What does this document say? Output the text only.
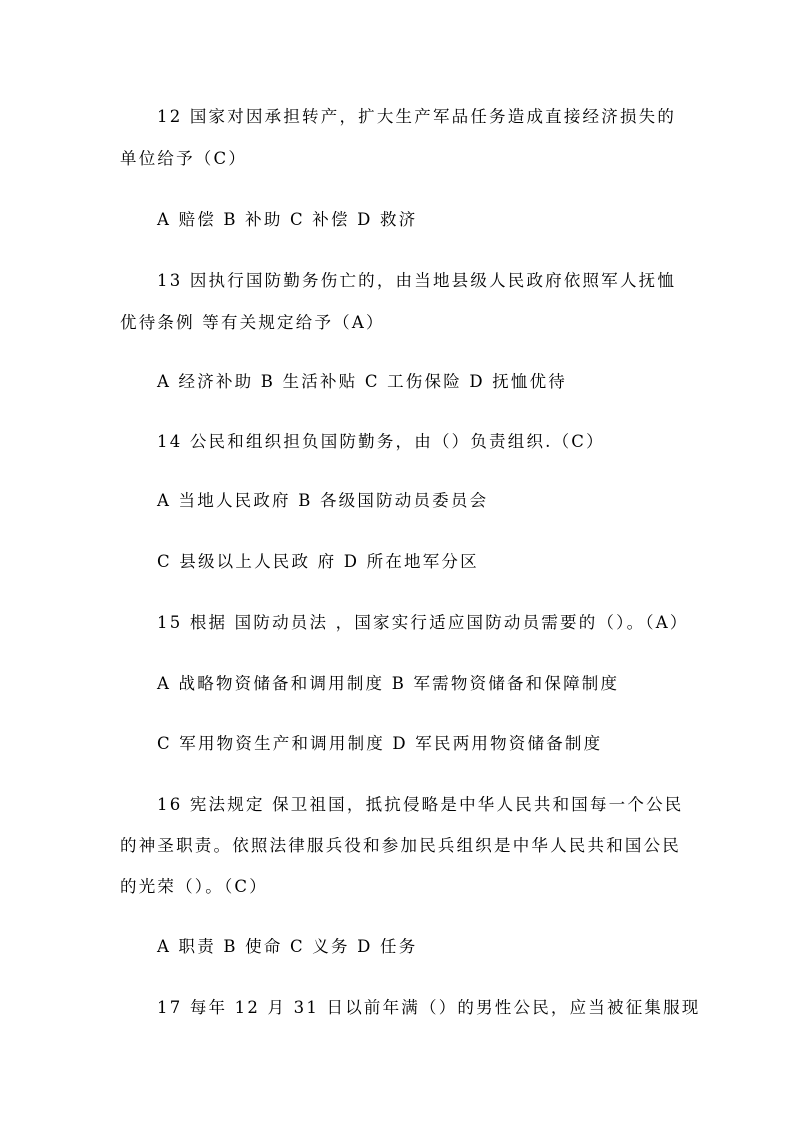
12 国家对因承担转产，扩大生产军品任务造成直接经济损失的
单位给予（C）
A 赔偿 B 补助 C 补偿 D 救济
13 因执行国防勤务伤亡的，由当地县级人民政府依照军人抚恤
优待条例 等有关规定给予（A）
A 经济补助 B 生活补贴 C 工伤保险 D 抚恤优待
14 公民和组织担负国防勤务，由（）负责组织.（C）
A 当地人民政府 B 各级国防动员委员会
C 县级以上人民政 府 D 所在地军分区
15 根据 国防动员法 ，国家实行适应国防动员需要的（）。（A）
A 战略物资储备和调用制度 B 军需物资储备和保障制度
C 军用物资生产和调用制度 D 军民两用物资储备制度
16 宪法规定 保卫祖国，抵抗侵略是中华人民共和国每一个公民
的神圣职责。依照法律服兵役和参加民兵组织是中华人民共和国公民
的光荣（）。（C）
A 职责 B 使命 C 义务 D 任务
17 每年 12 月 31 日以前年满（）的男性公民，应当被征集服现
